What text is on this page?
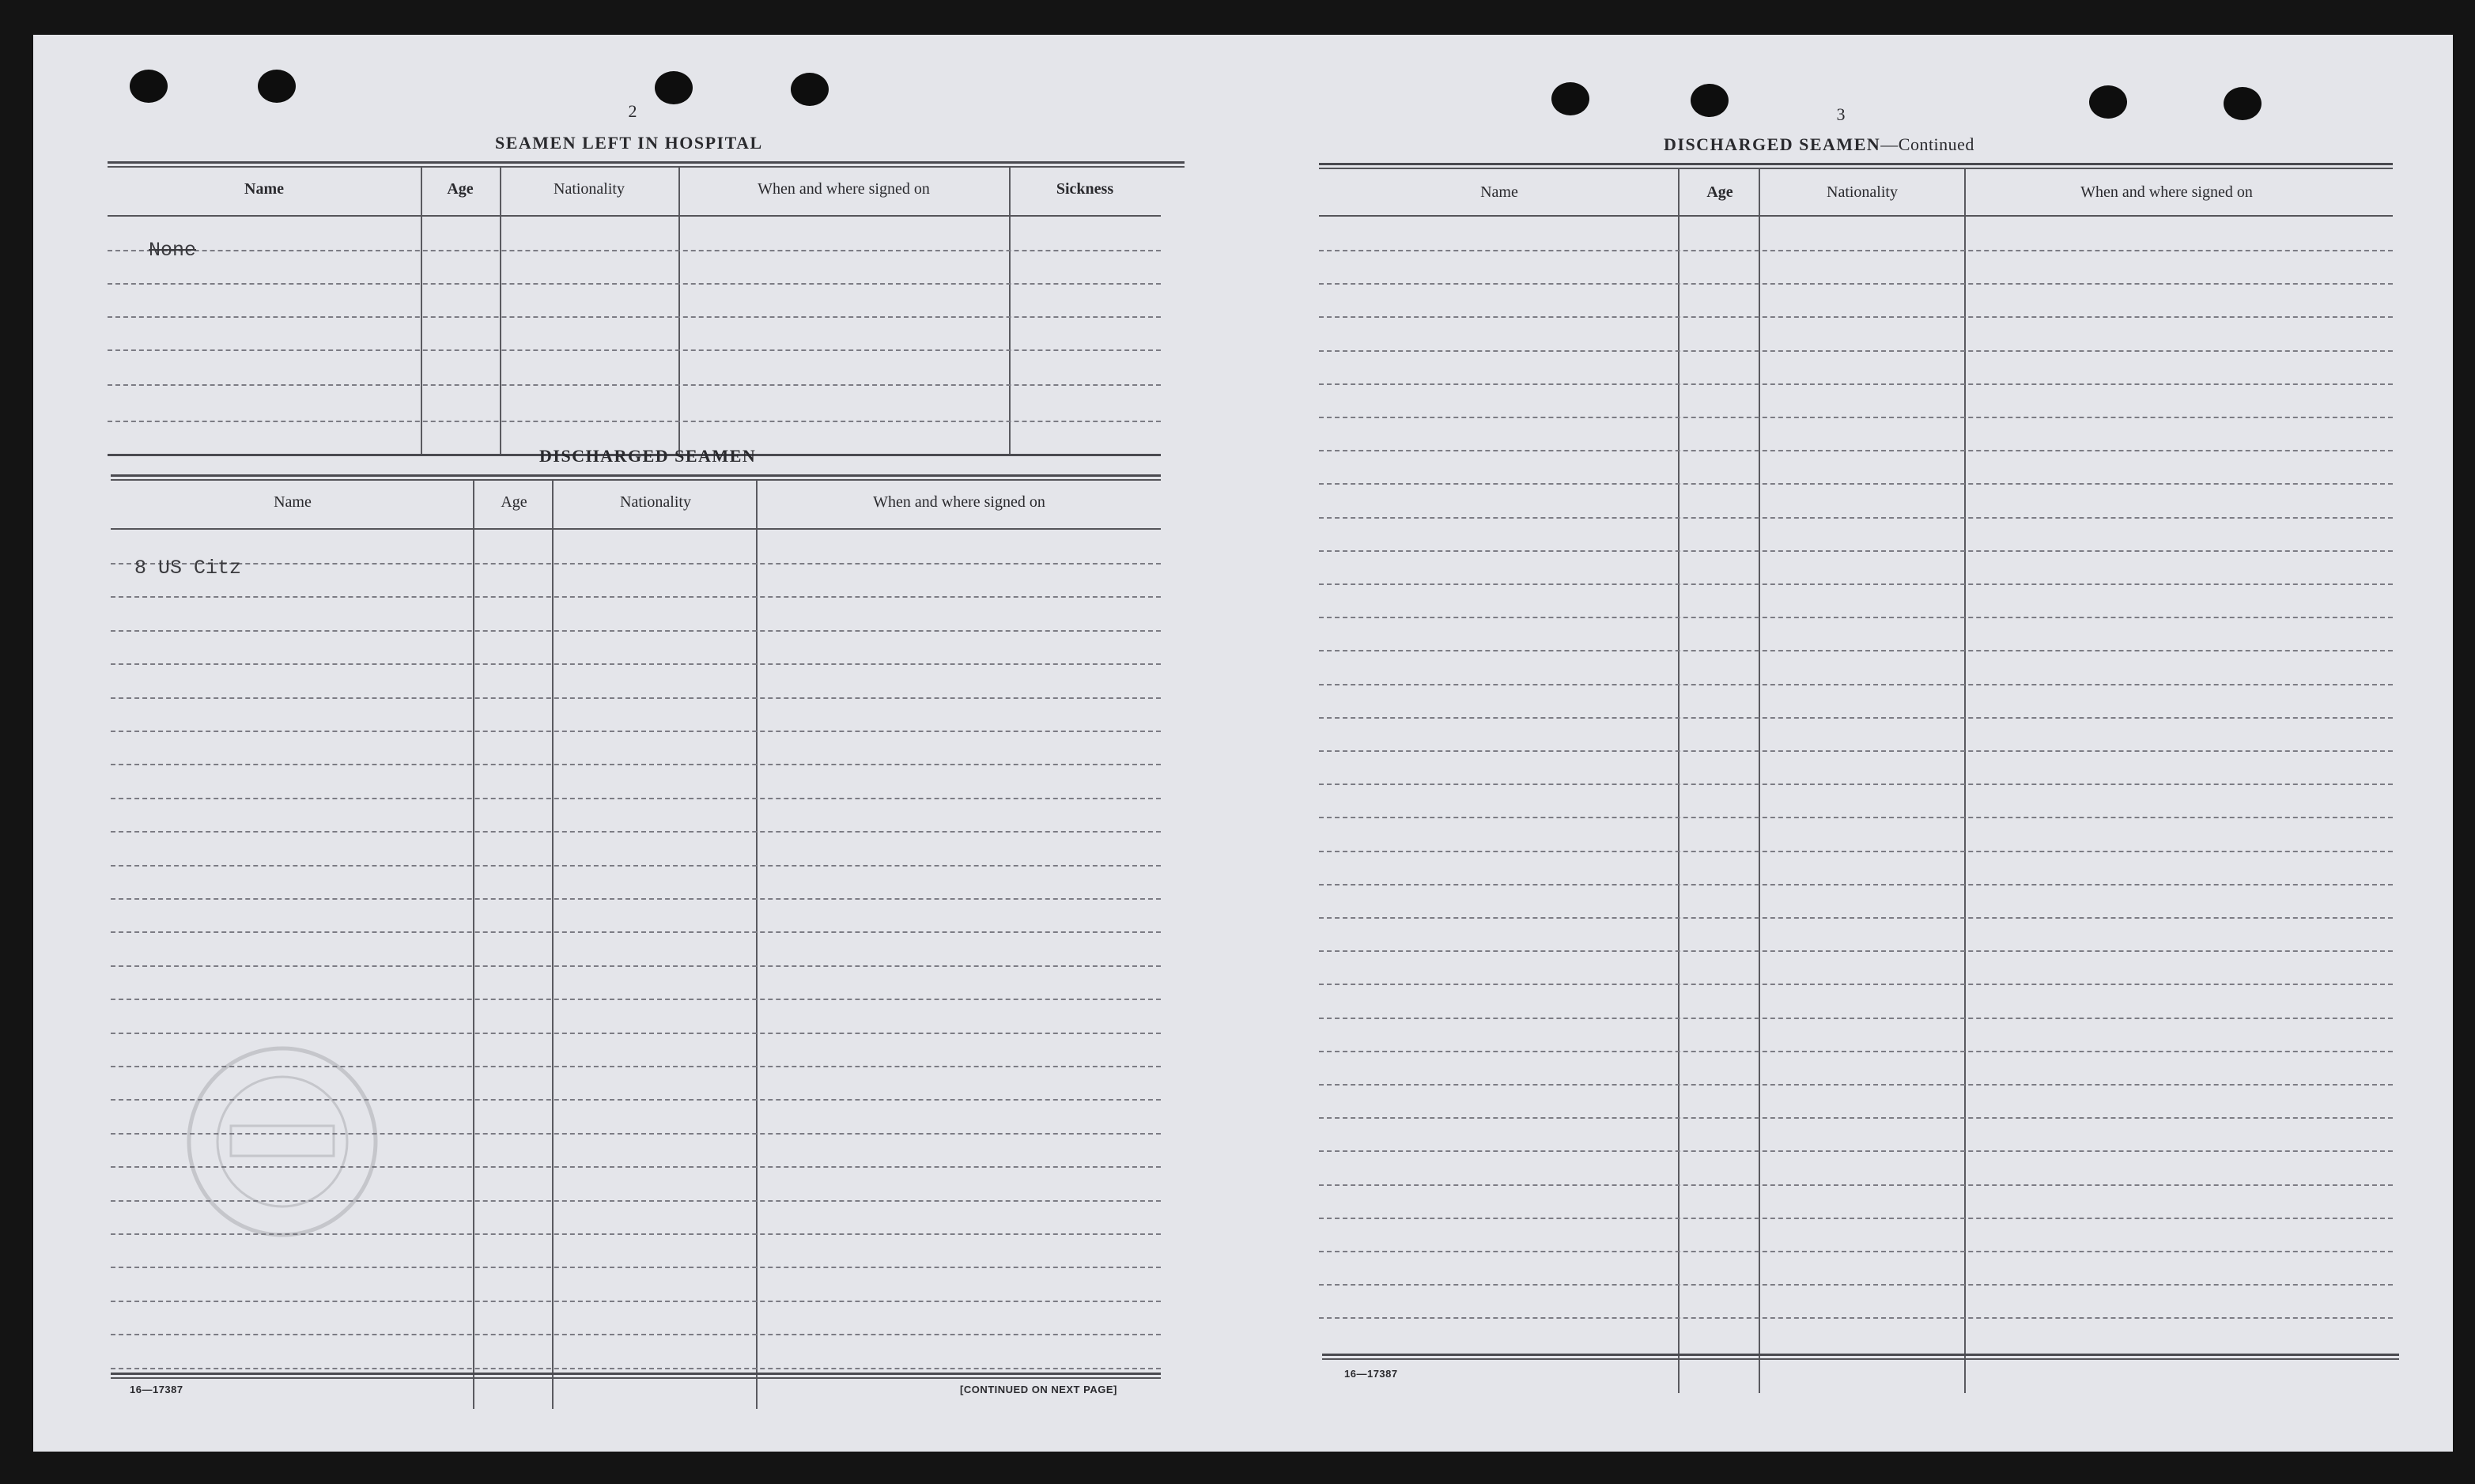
2
SEAMEN LEFT IN HOSPITAL
Name	Age	Nationality	When and where signed on	Sickness
None
DISCHARGED SEAMEN
Name	Age	Nationality	When and where signed on
8 US Citz
16—17387	[CONTINUED ON NEXT PAGE]
3
DISCHARGED SEAMEN—Continued
Name	Age	Nationality	When and where signed on
16—17387
